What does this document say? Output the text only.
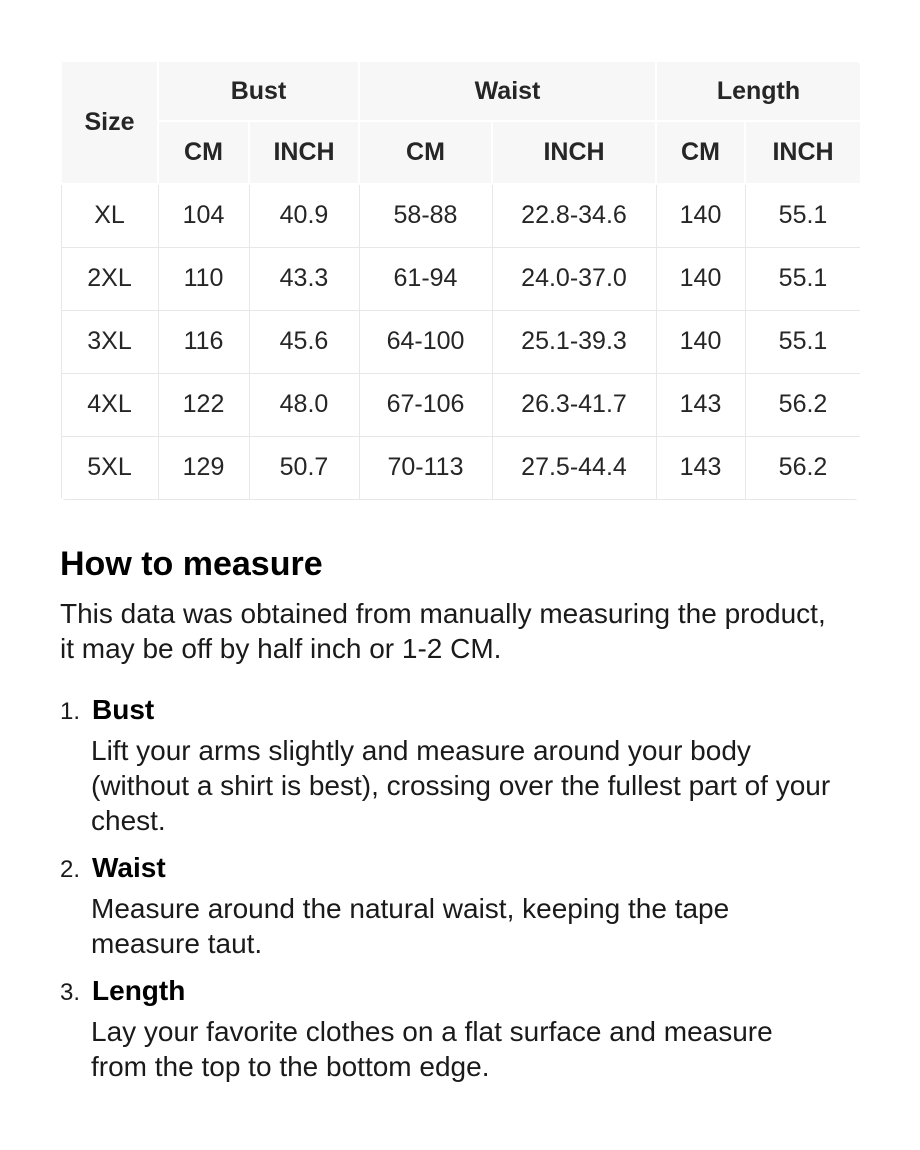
Size	Bust		Waist		Length	
	CM	INCH	CM	INCH	CM	INCH
XL	104	40.9	58-88	22.8-34.6	140	55.1
2XL	110	43.3	61-94	24.0-37.0	140	55.1
3XL	116	45.6	64-100	25.1-39.3	140	55.1
4XL	122	48.0	67-106	26.3-41.7	143	56.2
5XL	129	50.7	70-113	27.5-44.4	143	56.2
How to measure

This data was obtained from manually measuring the product,
it may be off by half inch or 1-2 CM.

1. Bust
Lift your arms slightly and measure around your body
(without a shirt is best), crossing over the fullest part of your
chest.
2. Waist
Measure around the natural waist, keeping the tape
measure taut.
3. Length
Lay your favorite clothes on a flat surface and measure
from the top to the bottom edge.
